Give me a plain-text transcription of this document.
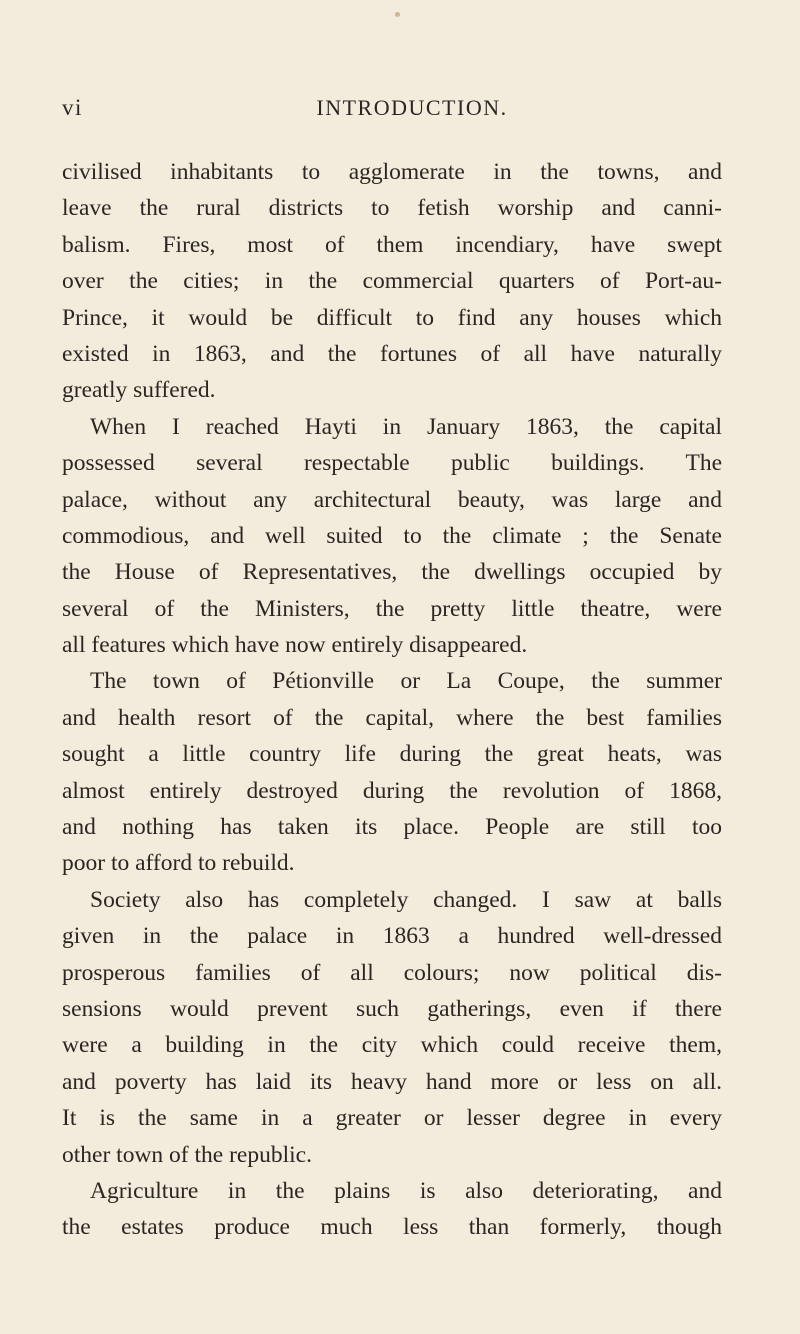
vi	INTRODUCTION.
civilised inhabitants to agglomerate in the towns, and
leave the rural districts to fetish worship and canni-
balism. Fires, most of them incendiary, have swept
over the cities; in the commercial quarters of Port-au-
Prince, it would be difficult to find any houses which
existed in 1863, and the fortunes of all have naturally
greatly suffered.
When I reached Hayti in January 1863, the capital
possessed several respectable public buildings. The
palace, without any architectural beauty, was large and
commodious, and well suited to the climate ; the Senate
the House of Representatives, the dwellings occupied by
several of the Ministers, the pretty little theatre, were
all features which have now entirely disappeared.
The town of Pétionville or La Coupe, the summer
and health resort of the capital, where the best families
sought a little country life during the great heats, was
almost entirely destroyed during the revolution of 1868,
and nothing has taken its place. People are still too
poor to afford to rebuild.
Society also has completely changed. I saw at balls
given in the palace in 1863 a hundred well-dressed
prosperous families of all colours; now political dis-
sensions would prevent such gatherings, even if there
were a building in the city which could receive them,
and poverty has laid its heavy hand more or less on all.
It is the same in a greater or lesser degree in every
other town of the republic.
Agriculture in the plains is also deteriorating, and
the estates produce much less than formerly, though
